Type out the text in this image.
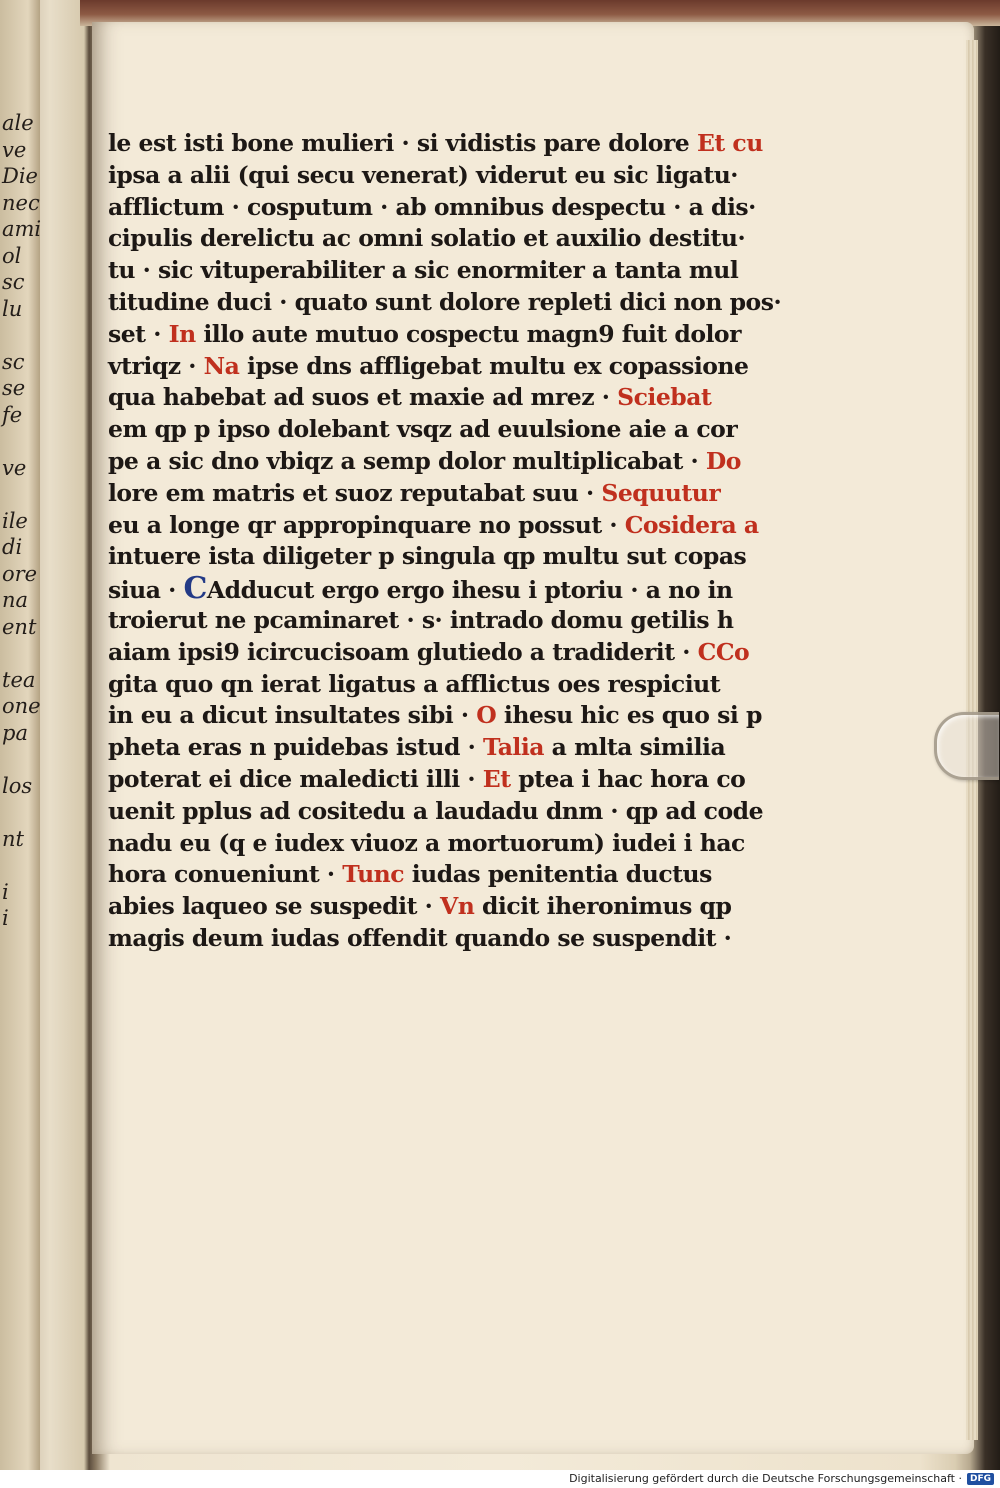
ale
ve
Die
nec
ami
ol
sc
lu
sc
se
fe
ve
ile
di
ore
na
ent
tea
one
pa
los
nt
i
i
le est isti bone mulieri · si vidistis pare dolore Et cu
ipsa a alii (qui secu venerat) viderut eu sic ligatu·
afflictum · cosputum · ab omnibus despectu · a dis·
cipulis derelictu ac omni solatio et auxilio destitu·
tu · sic vituperabiliter a sic enormiter a tanta mul
titudine duci · quato sunt dolore repleti dici non pos·
set · In illo aute mutuo cospectu magn9 fuit dolor
vtriqz · Na ipse dns affligebat multu ex copassione
qua habebat ad suos et maxie ad mrez · Sciebat
em qp p ipso dolebant vsqz ad euulsione aie a cor
pe a sic dno vbiqz a semp dolor multiplicabat · Do
lore em matris et suoz reputabat suu · Sequutur
eu a longe qr appropinquare no possut · Cosidera a
intuere ista diligeter p singula qp multu sut copas
siua · CAdducut ergo ergo ihesu i ptoriu · a no in
troierut ne pcaminaret · s· intrado domu getilis h
aiam ipsi9 icircucisoam glutiedo a tradiderit · CCo
gita quo qn ierat ligatus a afflictus oes respiciut
in eu a dicut insultates sibi · O ihesu hic es quo si p
pheta eras n puidebas istud · Talia a mlta similia
poterat ei dice maledicti illi · Et ptea i hac hora co
uenit pplus ad cositedu a laudadu dnm · qp ad code
nadu eu (q e iudex viuoz a mortuorum) iudei i hac
hora conueniunt · Tunc iudas penitentia ductus
abies laqueo se suspedit · Vn dicit iheronimus qp
magis deum iudas offendit quando se suspendit ·
Digitalisierung gefördert durch die Deutsche Forschungsgemeinschaft · DFG
